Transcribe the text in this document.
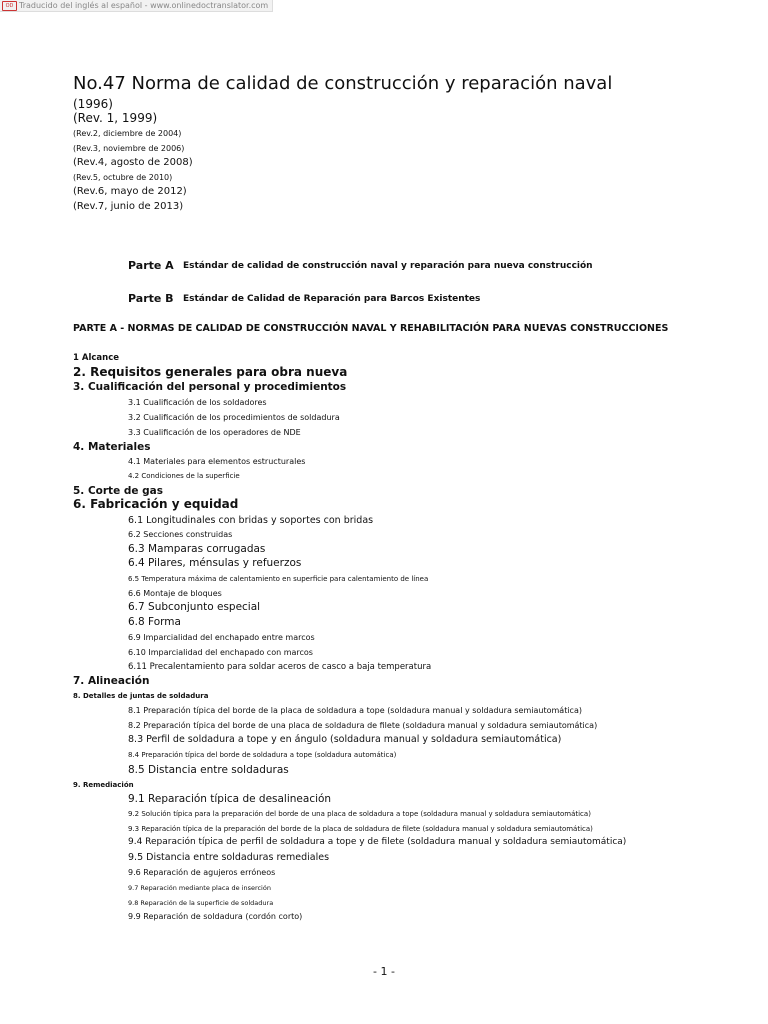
OD Traducido del inglés al español - www.onlinedoctranslator.com
No.47 Norma de calidad de construcción y reparación naval
(1996)
(Rev. 1, 1999)
(Rev.2, diciembre de 2004)
(Rev.3, noviembre de 2006)
(Rev.4, agosto de 2008)
(Rev.5, octubre de 2010)
(Rev.6, mayo de 2012)
(Rev.7, junio de 2013)
Parte A Estándar de calidad de construcción naval y reparación para nueva construcción
Parte B Estándar de Calidad de Reparación para Barcos Existentes
PARTE A - NORMAS DE CALIDAD DE CONSTRUCCIÓN NAVAL Y REHABILITACIÓN PARA NUEVAS CONSTRUCCIONES
1 Alcance
2. Requisitos generales para obra nueva
3. Cualificación del personal y procedimientos
3.1 Cualificación de los soldadores
3.2 Cualificación de los procedimientos de soldadura
3.3 Cualificación de los operadores de NDE
4. Materiales
4.1 Materiales para elementos estructurales
4.2 Condiciones de la superficie
5. Corte de gas
6. Fabricación y equidad
6.1 Longitudinales con bridas y soportes con bridas
6.2 Secciones construidas
6.3 Mamparas corrugadas
6.4 Pilares, ménsulas y refuerzos
6.5 Temperatura máxima de calentamiento en superficie para calentamiento de línea
6.6 Montaje de bloques
6.7 Subconjunto especial
6.8 Forma
6.9 Imparcialidad del enchapado entre marcos
6.10 Imparcialidad del enchapado con marcos
6.11 Precalentamiento para soldar aceros de casco a baja temperatura
7. Alineación
8. Detalles de juntas de soldadura
8.1 Preparación típica del borde de la placa de soldadura a tope (soldadura manual y soldadura semiautomática)
8.2 Preparación típica del borde de una placa de soldadura de filete (soldadura manual y soldadura semiautomática)
8.3 Perfil de soldadura a tope y en ángulo (soldadura manual y soldadura semiautomática)
8.4 Preparación típica del borde de soldadura a tope (soldadura automática)
8.5 Distancia entre soldaduras
9. Remediación
9.1 Reparación típica de desalineación
9.2 Solución típica para la preparación del borde de una placa de soldadura a tope (soldadura manual y soldadura semiautomática)
9.3 Reparación típica de la preparación del borde de la placa de soldadura de filete (soldadura manual y soldadura semiautomática)
9.4 Reparación típica de perfil de soldadura a tope y de filete (soldadura manual y soldadura semiautomática)
9.5 Distancia entre soldaduras remediales
9.6 Reparación de agujeros erróneos
9.7 Reparación mediante placa de inserción
9.8 Reparación de la superficie de soldadura
9.9 Reparación de soldadura (cordón corto)
- 1 -
